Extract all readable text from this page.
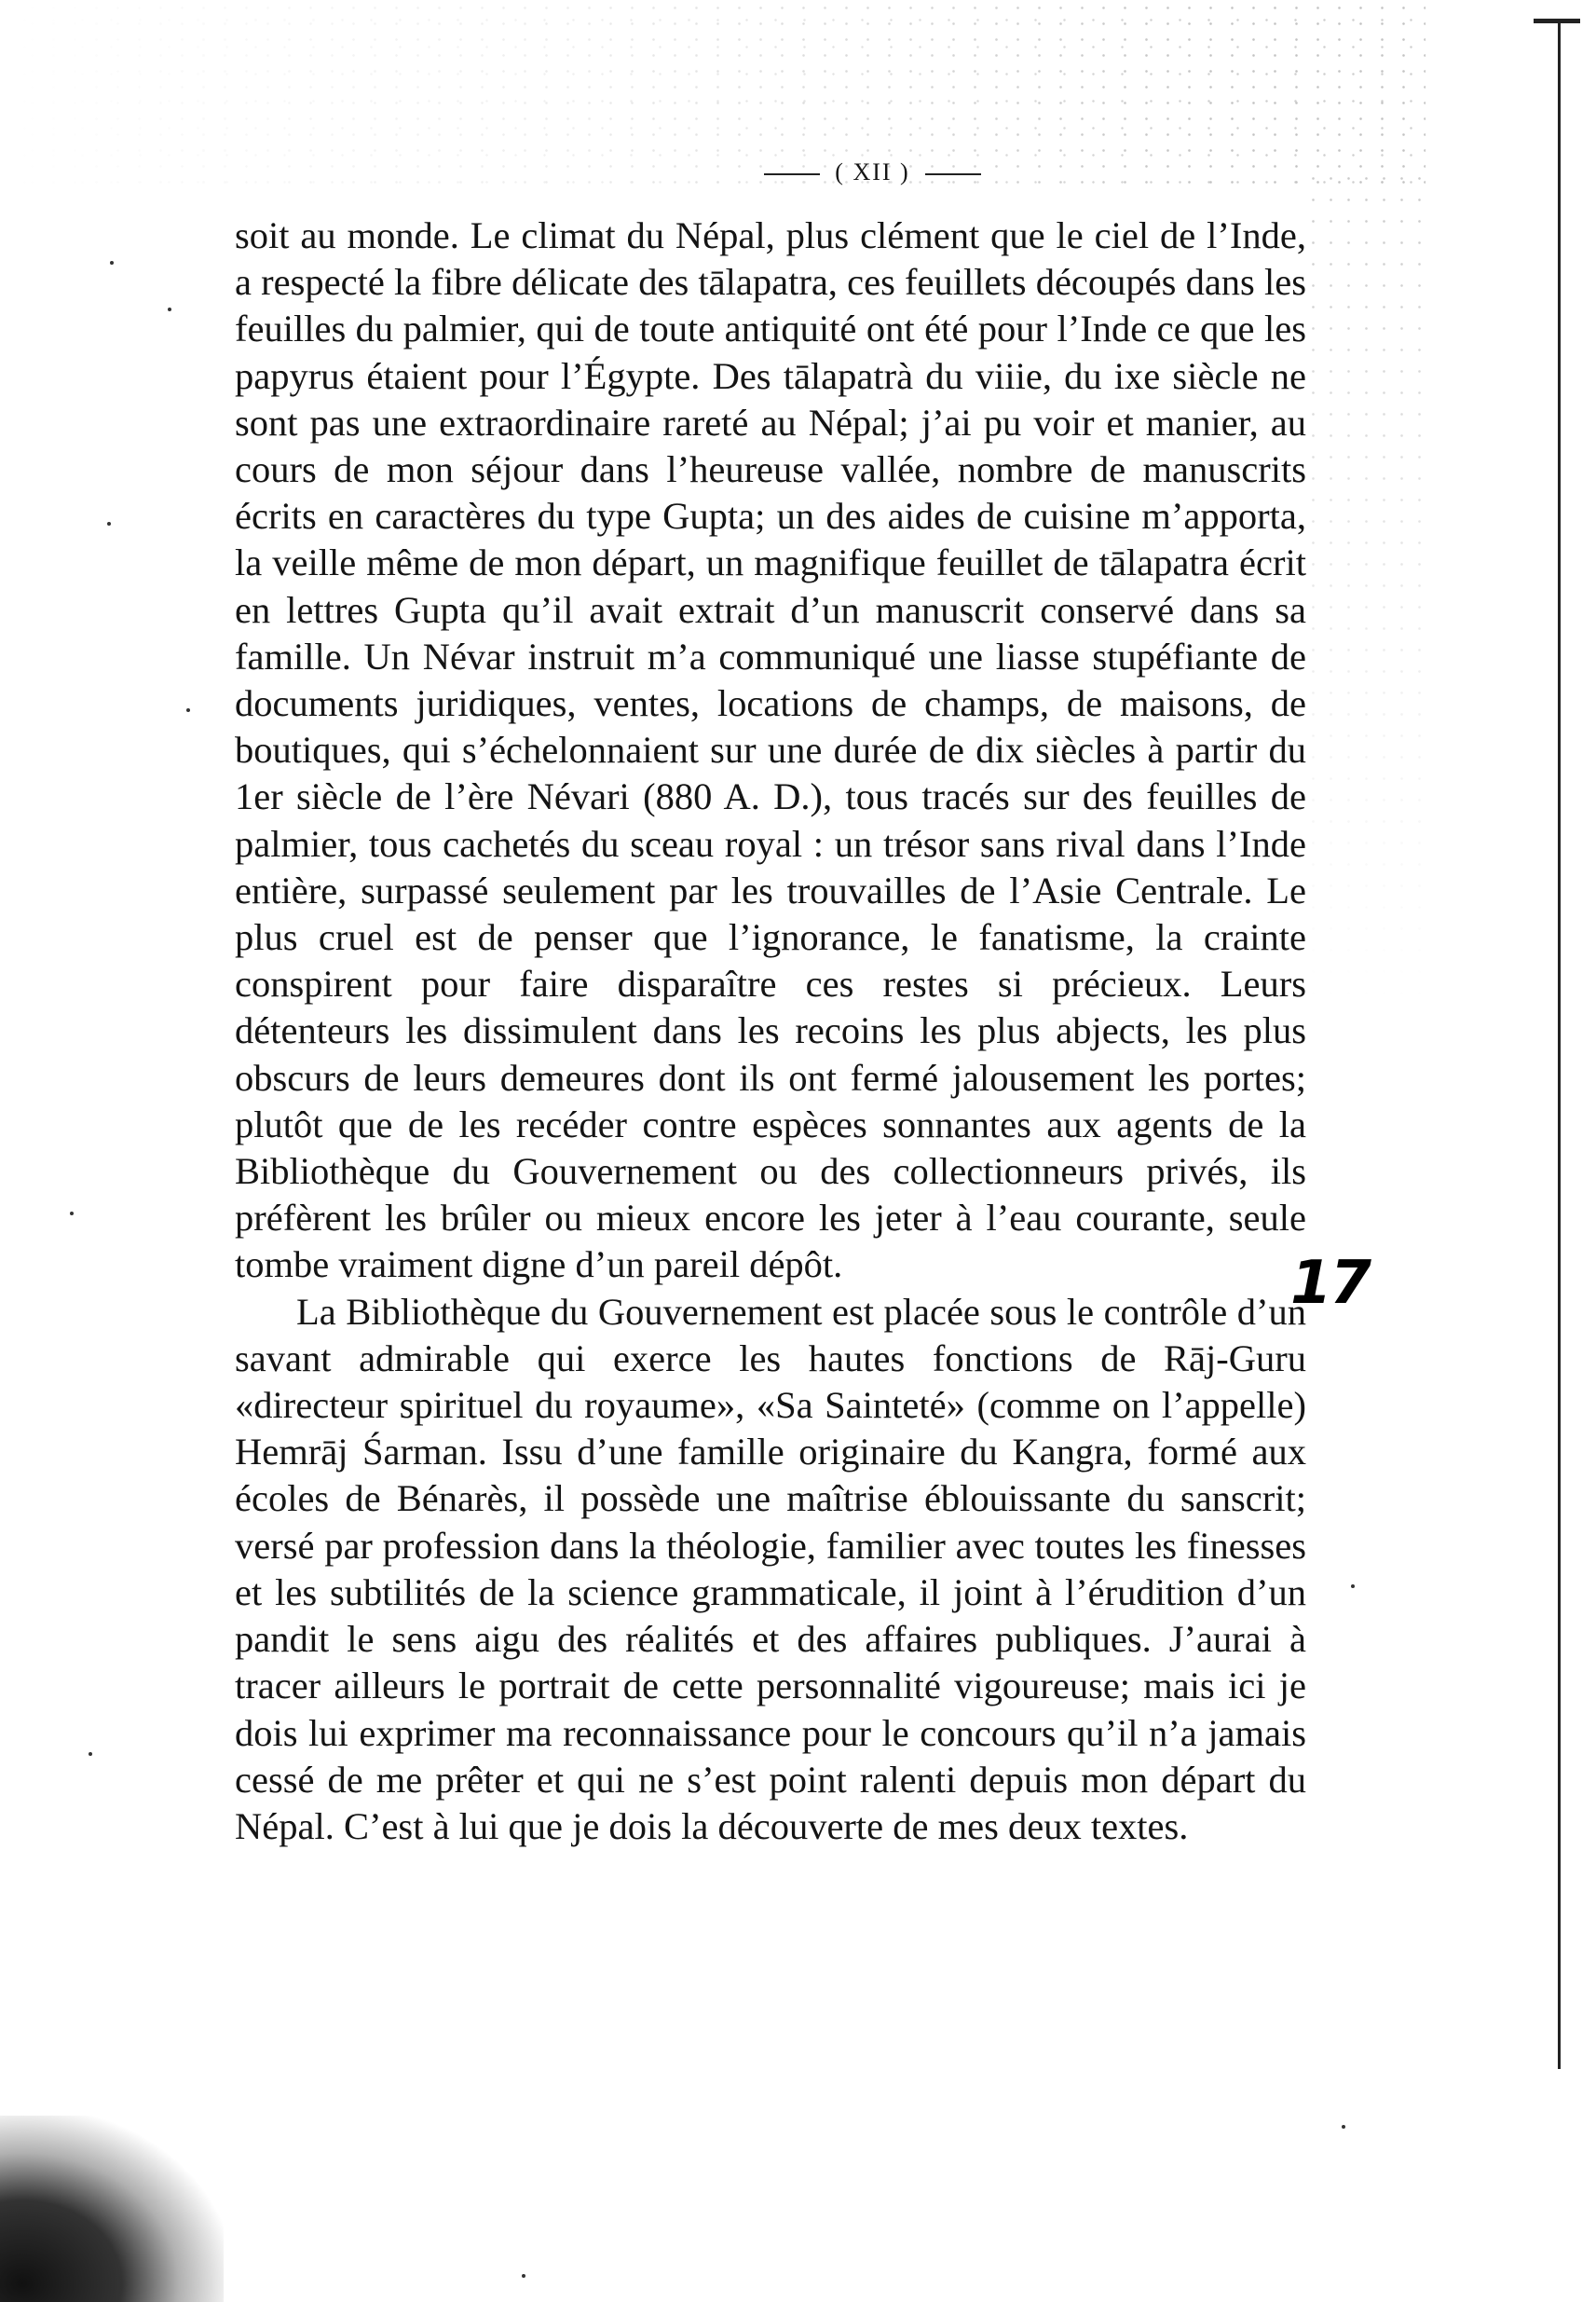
( XII )

soit au monde. Le climat du Népal, plus clément que le ciel de l’Inde, a respecté la fibre délicate des tālapatra, ces feuillets découpés dans les feuilles du palmier, qui de toute antiquité ont été pour l’Inde ce que les papyrus étaient pour l’Égypte. Des tālapatrà du viiie, du ixe siècle ne sont pas une extraordinaire rareté au Népal; j’ai pu voir et manier, au cours de mon séjour dans l’heureuse vallée, nombre de manuscrits écrits en caractères du type Gupta; un des aides de cuisine m’apporta, la veille même de mon départ, un magnifique feuillet de tālapatra écrit en lettres Gupta qu’il avait extrait d’un manuscrit conservé dans sa famille. Un Névar instruit m’a communiqué une liasse stupéfiante de documents juridiques, ventes, locations de champs, de maisons, de boutiques, qui s’échelonnaient sur une durée de dix siècles à partir du 1er siècle de l’ère Névari (880 A. D.), tous tracés sur des feuilles de palmier, tous cachetés du sceau royal : un trésor sans rival dans l’Inde entière, surpassé seulement par les trouvailles de l’Asie Centrale. Le plus cruel est de penser que l’ignorance, le fanatisme, la crainte conspirent pour faire disparaître ces restes si précieux. Leurs détenteurs les dissimulent dans les recoins les plus abjects, les plus obscurs de leurs demeures dont ils ont fermé jalousement les portes; plutôt que de les recéder contre espèces sonnantes aux agents de la Bibliothèque du Gouvernement ou des collectionneurs privés, ils préfèrent les brûler ou mieux encore les jeter à l’eau courante, seule tombe vraiment digne d’un pareil dépôt.

La Bibliothèque du Gouvernement est placée sous le contrôle d’un savant admirable qui exerce les hautes fonctions de Rāj-Guru «directeur spirituel du royaume», «Sa Sainteté» (comme on l’appelle) Hemrāj Śarman. Issu d’une famille originaire du Kangra, formé aux écoles de Bénarès, il possède une maîtrise éblouissante du sanscrit; versé par profession dans la théologie, familier avec toutes les finesses et les subtilités de la science grammaticale, il joint à l’érudition d’un pandit le sens aigu des réalités et des affaires publiques. J’aurai à tracer ailleurs le portrait de cette personnalité vigoureuse; mais ici je dois lui exprimer ma reconnaissance pour le concours qu’il n’a jamais cessé de me prêter et qui ne s’est point ralenti depuis mon départ du Népal. C’est à lui que je dois la découverte de mes deux textes.

17
